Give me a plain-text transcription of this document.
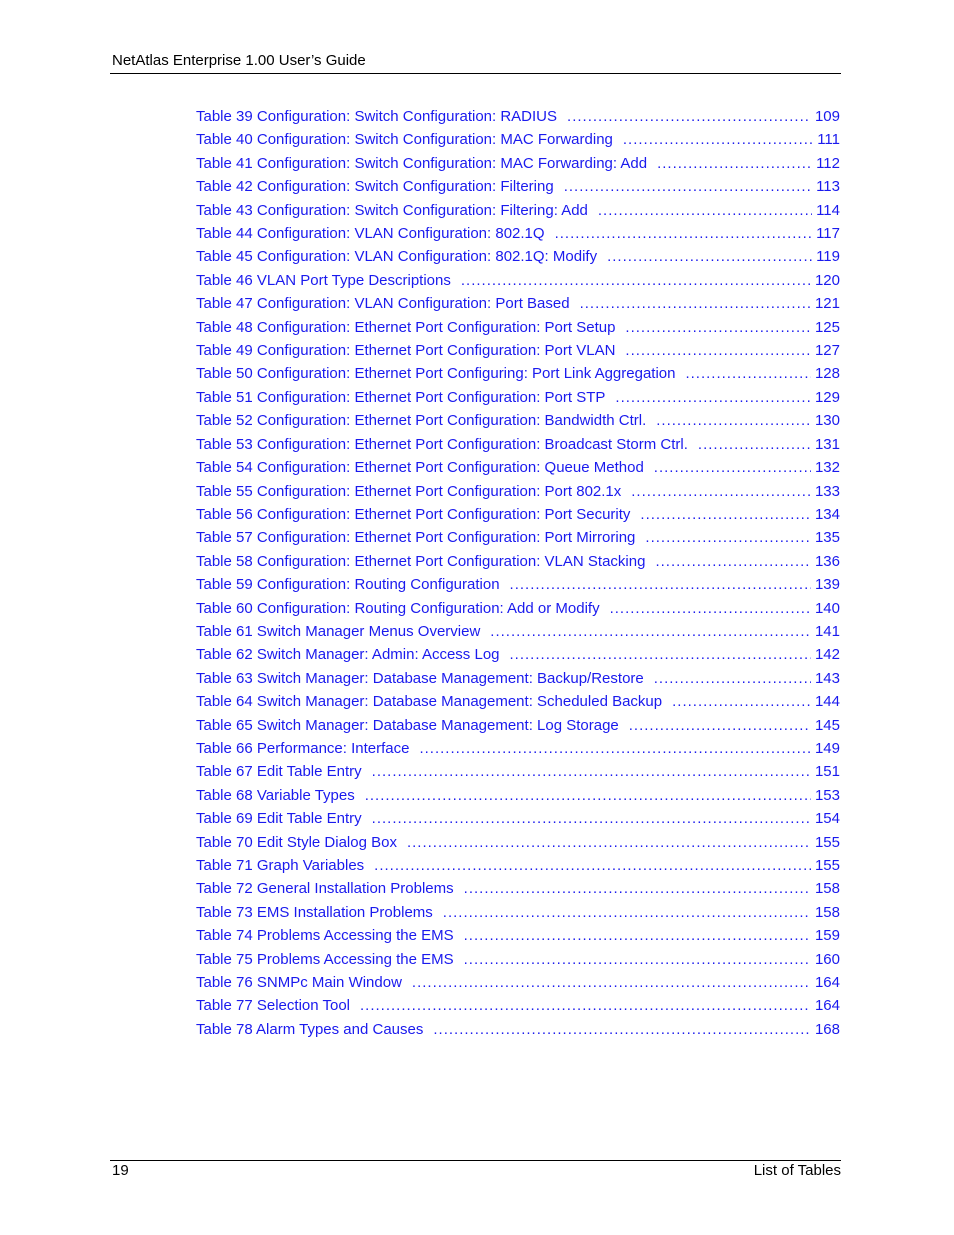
NetAtlas Enterprise 1.00 User’s Guide
Table 39 Configuration: Switch Configuration: RADIUS .....	109
Table 40 Configuration: Switch Configuration: MAC Forwarding .....	111
Table 41 Configuration: Switch Configuration: MAC Forwarding: Add .....	112
Table 42 Configuration: Switch Configuration: Filtering .....	113
Table 43 Configuration: Switch Configuration: Filtering: Add .....	114
Table 44 Configuration: VLAN Configuration: 802.1Q .....	117
Table 45 Configuration: VLAN Configuration: 802.1Q: Modify .....	119
Table 46 VLAN Port Type Descriptions .....	120
Table 47 Configuration: VLAN Configuration: Port Based .....	121
Table 48 Configuration: Ethernet Port Configuration: Port Setup .....	125
Table 49 Configuration: Ethernet Port Configuration: Port VLAN .....	127
Table 50 Configuration: Ethernet Port Configuring: Port Link Aggregation .....	128
Table 51 Configuration: Ethernet Port Configuration: Port STP .....	129
Table 52 Configuration: Ethernet Port Configuration: Bandwidth Ctrl. .....	130
Table 53 Configuration: Ethernet Port Configuration: Broadcast Storm Ctrl. .....	131
Table 54 Configuration: Ethernet Port Configuration: Queue Method .....	132
Table 55 Configuration: Ethernet Port Configuration: Port 802.1x .....	133
Table 56 Configuration: Ethernet Port Configuration: Port Security .....	134
Table 57 Configuration: Ethernet Port Configuration: Port Mirroring .....	135
Table 58 Configuration: Ethernet Port Configuration: VLAN Stacking .....	136
Table 59 Configuration: Routing Configuration .....	139
Table 60 Configuration: Routing Configuration: Add or Modify .....	140
Table 61 Switch Manager Menus Overview .....	141
Table 62 Switch Manager: Admin: Access Log .....	142
Table 63 Switch Manager: Database Management: Backup/Restore .....	143
Table 64 Switch Manager: Database Management: Scheduled Backup .....	144
Table 65 Switch Manager: Database Management: Log Storage .....	145
Table 66 Performance: Interface .....	149
Table 67 Edit Table Entry .....	151
Table 68 Variable Types .....	153
Table 69 Edit Table Entry .....	154
Table 70 Edit Style Dialog Box .....	155
Table 71 Graph Variables .....	155
Table 72 General Installation Problems .....	158
Table 73 EMS Installation Problems .....	158
Table 74 Problems Accessing the EMS .....	159
Table 75 Problems Accessing the EMS .....	160
Table 76 SNMPc Main Window .....	164
Table 77 Selection Tool .....	164
Table 78 Alarm Types and Causes .....	168
19	List of Tables
